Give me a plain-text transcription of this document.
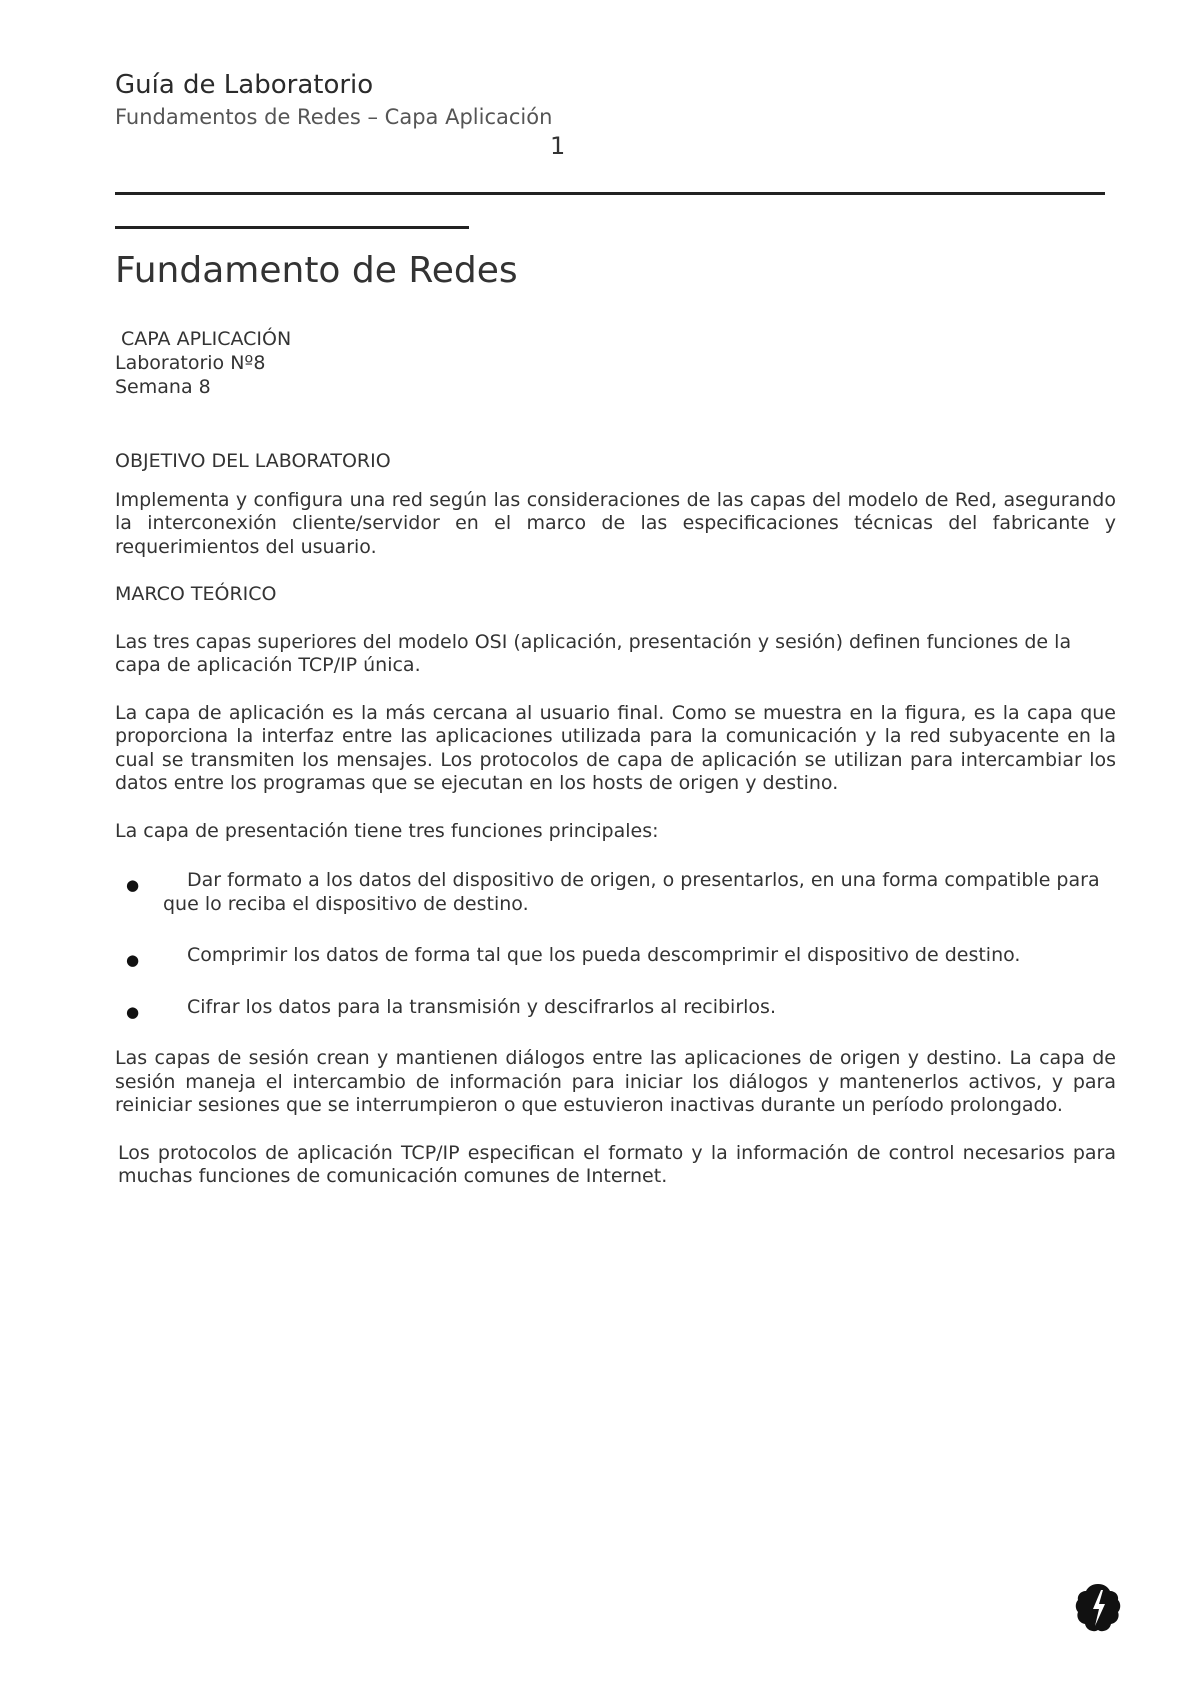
Guía de Laboratorio
Fundamentos de Redes – Capa Aplicación
1
Fundamento de Redes
CAPA APLICACIÓN
Laboratorio Nº8
Semana 8
OBJETIVO DEL LABORATORIO
Implementa y configura una red según las consideraciones de las capas del modelo de Red, asegurando la interconexión cliente/servidor en el marco de las especificaciones técnicas del fabricante y requerimientos del usuario.
MARCO TEÓRICO
Las tres capas superiores del modelo OSI (aplicación, presentación y sesión) definen funciones de la capa de aplicación TCP/IP única.
La capa de aplicación es la más cercana al usuario final. Como se muestra en la figura, es la capa que proporciona la interfaz entre las aplicaciones utilizada para la comunicación y la red subyacente en la cual se transmiten los mensajes. Los protocolos de capa de aplicación se utilizan para intercambiar los datos entre los programas que se ejecutan en los hosts de origen y destino.
La capa de presentación tiene tres funciones principales:
●	Dar formato a los datos del dispositivo de origen, o presentarlos, en una forma compatible para que lo reciba el dispositivo de destino.
●	Comprimir los datos de forma tal que los pueda descomprimir el dispositivo de destino.
●	Cifrar los datos para la transmisión y descifrarlos al recibirlos.
Las capas de sesión crean y mantienen diálogos entre las aplicaciones de origen y destino. La capa de sesión maneja el intercambio de información para iniciar los diálogos y mantenerlos activos, y para reiniciar sesiones que se interrumpieron o que estuvieron inactivas durante un período prolongado.
Los protocolos de aplicación TCP/IP especifican el formato y la información de control necesarios para muchas funciones de comunicación comunes de Internet.
